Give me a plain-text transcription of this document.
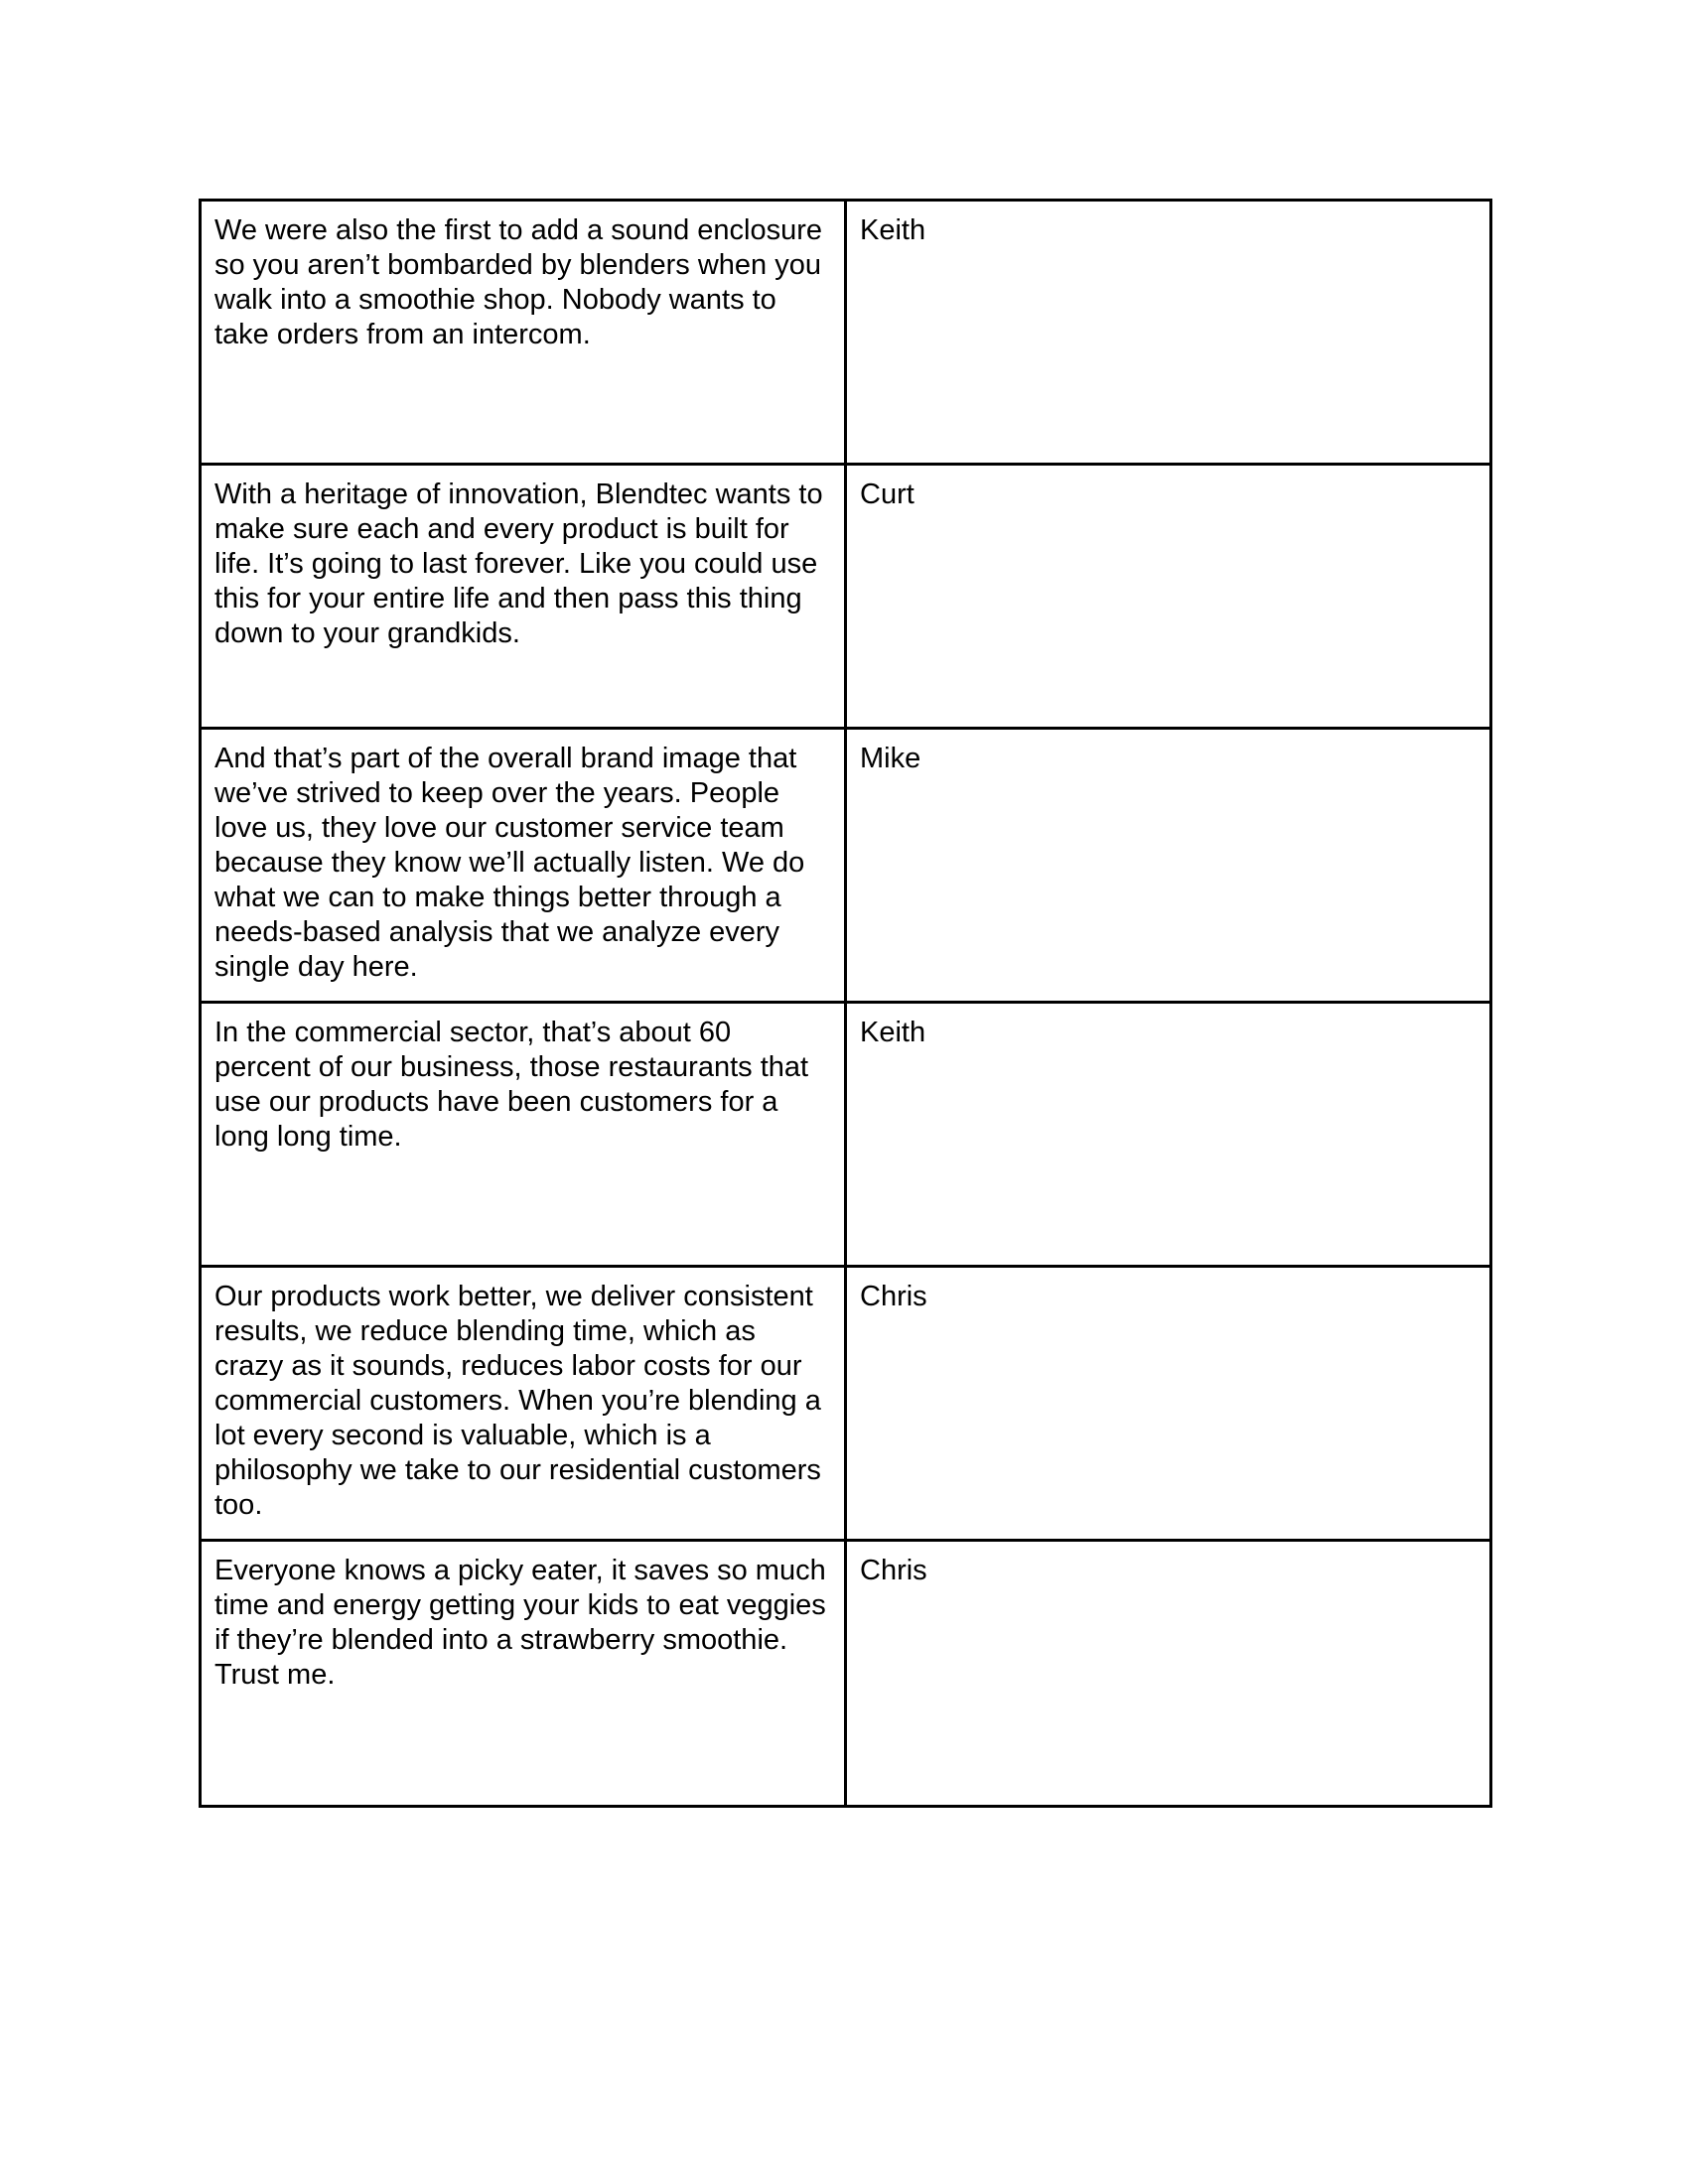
We were also the first to add a sound enclosure so you aren’t bombarded by blenders when you walk into a smoothie shop. Nobody wants to take orders from an intercom.	Keith
With a heritage of innovation, Blendtec wants to make sure each and every product is built for life. It’s going to last forever. Like you could use this for your entire life and then pass this thing down to your grandkids.	Curt
And that’s part of the overall brand image that we’ve strived to keep over the years. People love us, they love our customer service team because they know we’ll actually listen. We do what we can to make things better through a needs-based analysis that we analyze every single day here.	Mike
In the commercial sector, that’s about 60 percent of our business, those restaurants that use our products have been customers for a long long time.	Keith
Our products work better, we deliver consistent results, we reduce blending time, which as crazy as it sounds, reduces labor costs for our commercial customers. When you’re blending a lot every second is valuable, which is a philosophy we take to our residential customers too.	Chris
Everyone knows a picky eater, it saves so much time and energy getting your kids to eat veggies if they’re blended into a strawberry smoothie. Trust me.	Chris
